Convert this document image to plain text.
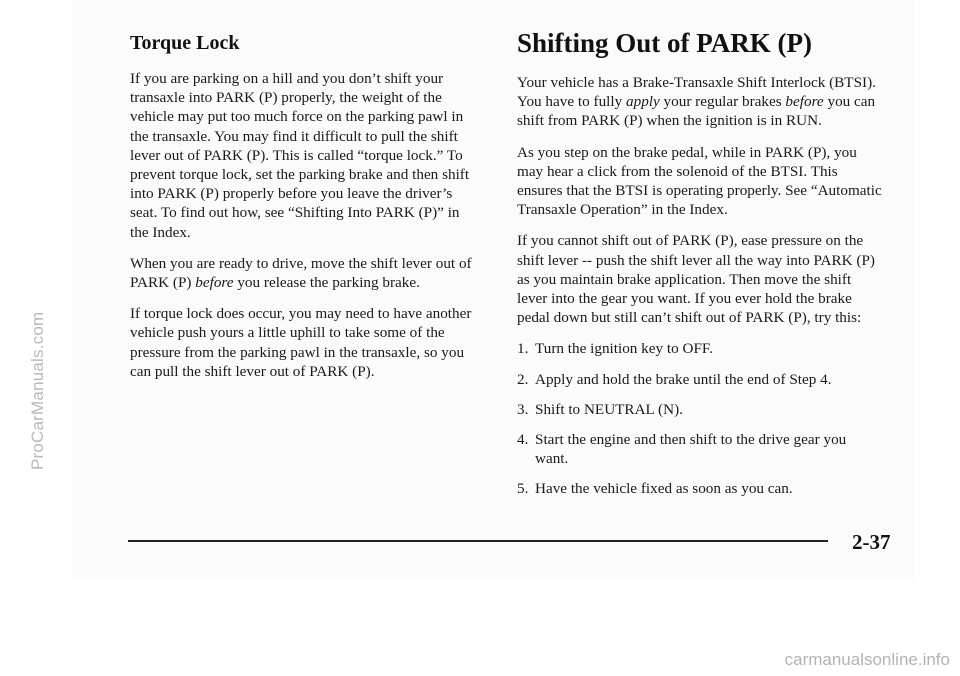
ProCarManuals.com
Torque Lock

If you are parking on a hill and you don’t shift your transaxle into PARK (P) properly, the weight of the vehicle may put too much force on the parking pawl in the transaxle. You may find it difficult to pull the shift lever out of PARK (P). This is called “torque lock.” To prevent torque lock, set the parking brake and then shift into PARK (P) properly before you leave the driver’s seat. To find out how, see “Shifting Into PARK (P)” in the Index.

When you are ready to drive, move the shift lever out of PARK (P) before you release the parking brake.

If torque lock does occur, you may need to have another vehicle push yours a little uphill to take some of the pressure from the parking pawl in the transaxle, so you can pull the shift lever out of PARK (P).

Shifting Out of PARK (P)

Your vehicle has a Brake-Transaxle Shift Interlock (BTSI). You have to fully apply your regular brakes before you can shift from PARK (P) when the ignition is in RUN.

As you step on the brake pedal, while in PARK (P), you may hear a click from the solenoid of the BTSI. This ensures that the BTSI is operating properly. See “Automatic Transaxle Operation” in the Index.

If you cannot shift out of PARK (P), ease pressure on the shift lever -- push the shift lever all the way into PARK (P) as you maintain brake application. Then move the shift lever into the gear you want. If you ever hold the brake pedal down but still can’t shift out of PARK (P), try this:

1. Turn the ignition key to OFF.
2. Apply and hold the brake until the end of Step 4.
3. Shift to NEUTRAL (N).
4. Start the engine and then shift to the drive gear you want.
5. Have the vehicle fixed as soon as you can.
2-37
carmanualsonline.info
